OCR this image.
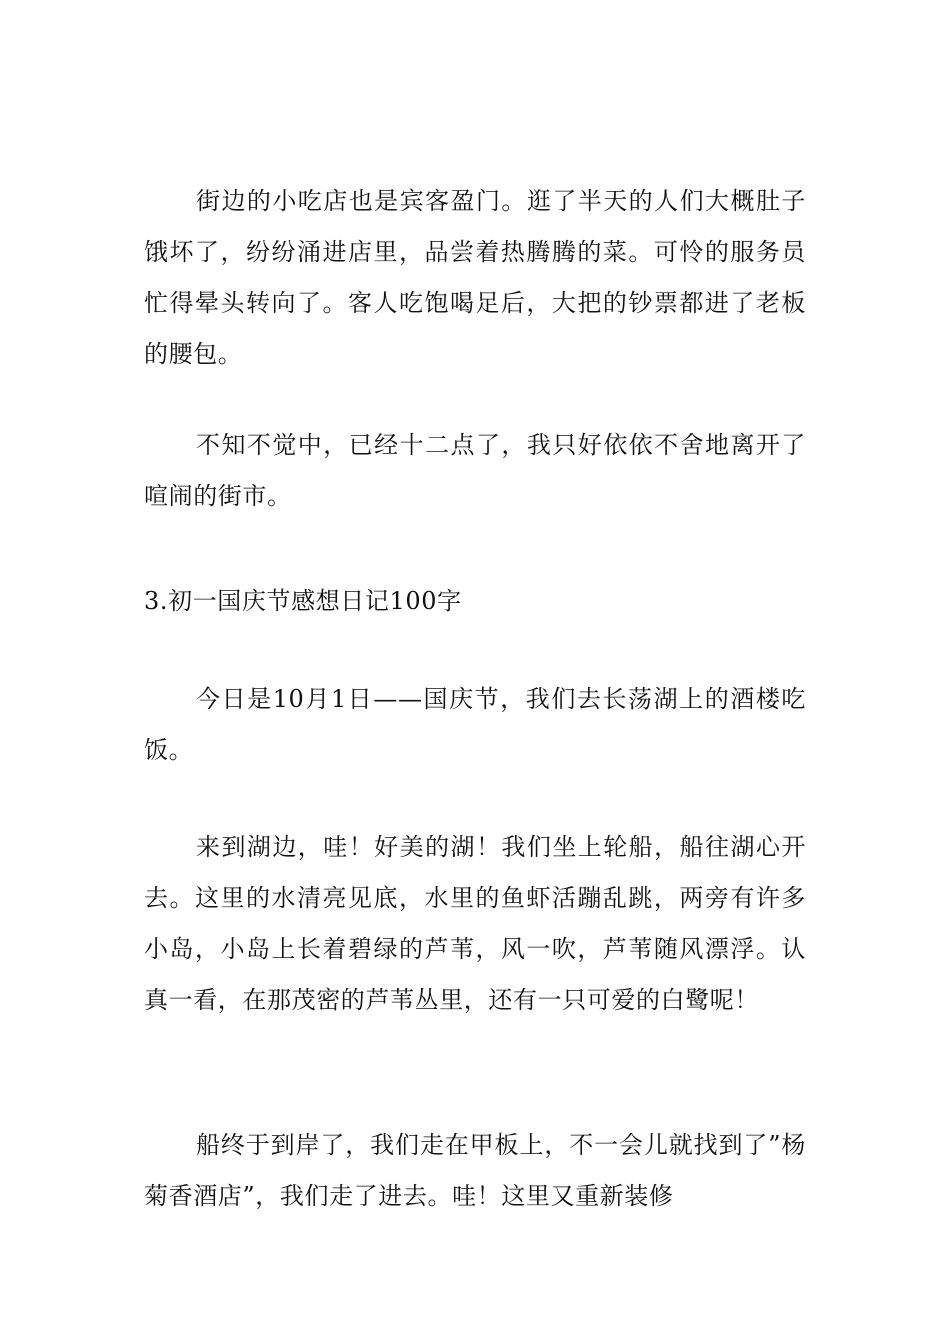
街边的小吃店也是宾客盈门。逛了半天的人们大概肚子饿坏了，纷纷涌进店里，品尝着热腾腾的菜。可怜的服务员忙得晕头转向了。客人吃饱喝足后，大把的钞票都进了老板的腰包。

不知不觉中，已经十二点了，我只好依依不舍地离开了喧闹的街市。

3.初一国庆节感想日记100字

今日是10月1日——国庆节，我们去长荡湖上的酒楼吃饭。

来到湖边，哇！好美的湖！我们坐上轮船，船往湖心开去。这里的水清亮见底，水里的鱼虾活蹦乱跳，两旁有许多小岛，小岛上长着碧绿的芦苇，风一吹，芦苇随风漂浮。认真一看，在那茂密的芦苇丛里，还有一只可爱的白鹭呢！

船终于到岸了，我们走在甲板上，不一会儿就找到了”杨菊香酒店”，我们走了进去。哇！这里又重新装修
